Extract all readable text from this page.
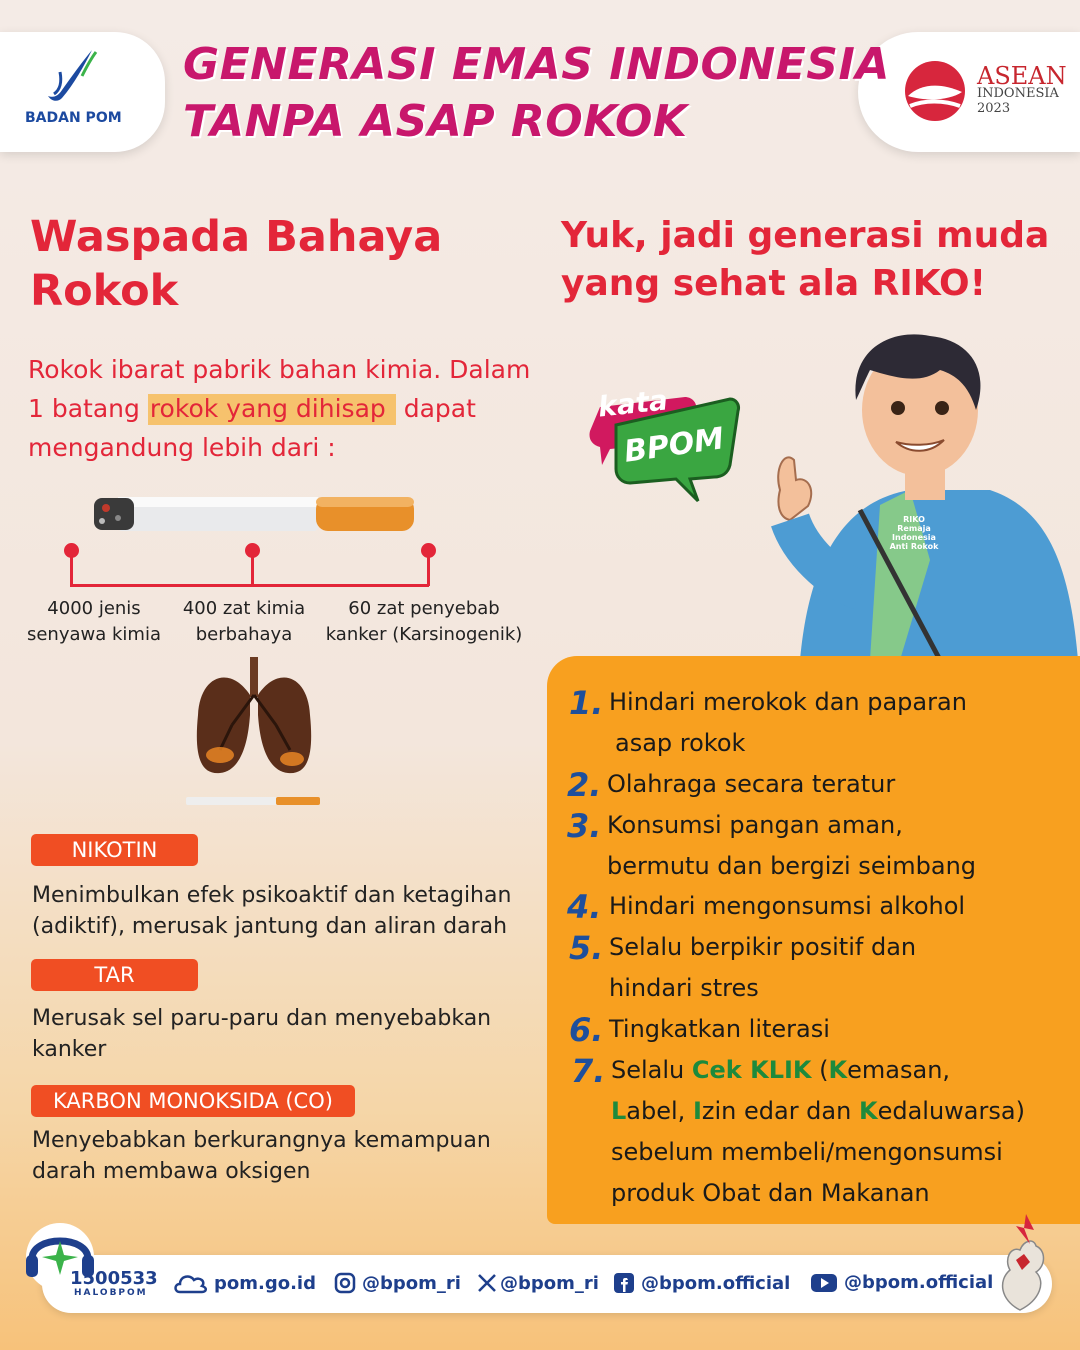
BADAN POM
ASEAN
INDONESIA
2023
GENERASI EMAS INDONESIA
TANPA ASAP ROKOK
Waspada Bahaya Rokok
Yuk, jadi generasi muda yang sehat ala RIKO!
Rokok ibarat pabrik bahan kimia. Dalam 1 batang rokok yang dihisap dapat mengandung lebih dari :
4000 jenis
senyawa kimia
400 zat kimia
berbahaya
60 zat penyebab
kanker (Karsinogenik)
NIKOTIN
Menimbulkan efek psikoaktif dan ketagihan (adiktif), merusak jantung dan aliran darah
TAR
Merusak sel paru-paru dan menyebabkan kanker
KARBON MONOKSIDA (CO)
Menyebabkan berkurangnya kemampuan darah membawa oksigen
kata
BPOM
RIKO
Remaja
Indonesia
Anti Rokok
1. Hindari merokok dan paparan
asap rokok
2. Olahraga secara teratur
3. Konsumsi pangan aman,
bermutu dan bergizi seimbang
4. Hindari mengonsumsi alkohol
5. Selalu berpikir positif dan
hindari stres
6. Tingkatkan literasi
7. Selalu Cek KLIK (Kemasan,
Label, Izin edar dan Kedaluwarsa)
sebelum membeli/mengonsumsi
produk Obat dan Makanan
1500533
HALOBPOM	pom.go.id	@bpom_ri @bpom_ri @bpom.official	@bpom.official
